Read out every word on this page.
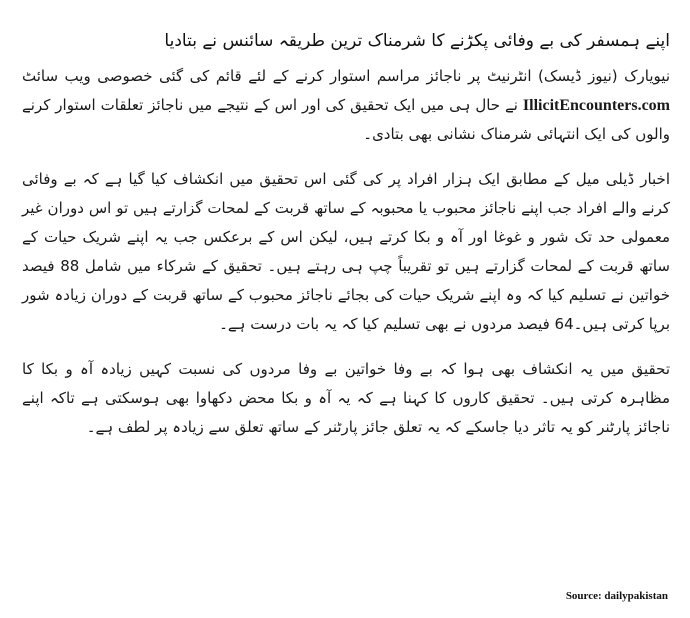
اپنے ہمسفر کی بے وفائی پکڑنے کا شرمناک ترین طریقہ سائنس نے بتادیا

نیویارک (نیوز ڈیسک) انٹرنیٹ پر ناجائز مراسم استوار کرنے کے لئے قائم کی گئی خصوصی ویب سائٹ IllicitEncounters.com نے حال ہی میں ایک تحقیق کی اور اس کے نتیجے میں ناجائز تعلقات استوار کرنے والوں کی ایک انتہائی شرمناک نشانی بھی بتادی۔

اخبار ڈیلی میل کے مطابق ایک ہزار افراد پر کی گئی اس تحقیق میں انکشاف کیا گیا ہے کہ بے وفائی کرنے والے افراد جب اپنے ناجائز محبوب یا محبوبہ کے ساتھ قربت کے لمحات گزارتے ہیں تو اس دوران غیر معمولی حد تک شور و غوغا اور آہ و بکا کرتے ہیں، لیکن اس کے برعکس جب یہ اپنے شریک حیات کے ساتھ قربت کے لمحات گزارتے ہیں تو تقریباً چپ ہی رہتے ہیں۔ تحقیق کے شرکاء میں شامل 88 فیصد خواتین نے تسلیم کیا کہ وہ اپنے شریک حیات کی بجائے ناجائز محبوب کے ساتھ قربت کے دوران زیادہ شور برپا کرتی ہیں۔64 فیصد مردوں نے بھی تسلیم کیا کہ یہ بات درست ہے۔

تحقیق میں یہ انکشاف بھی ہوا کہ بے وفا خواتین بے وفا مردوں کی نسبت کہیں زیادہ آہ و بکا کا مظاہرہ کرتی ہیں۔ تحقیق کاروں کا کہنا ہے کہ یہ آہ و بکا محض دکھاوا بھی ہوسکتی ہے تاکہ اپنے ناجائز پارٹنر کو یہ تاثر دیا جاسکے کہ یہ تعلق جائز پارٹنر کے ساتھ تعلق سے زیادہ پر لطف ہے۔

Source: dailypakistan
